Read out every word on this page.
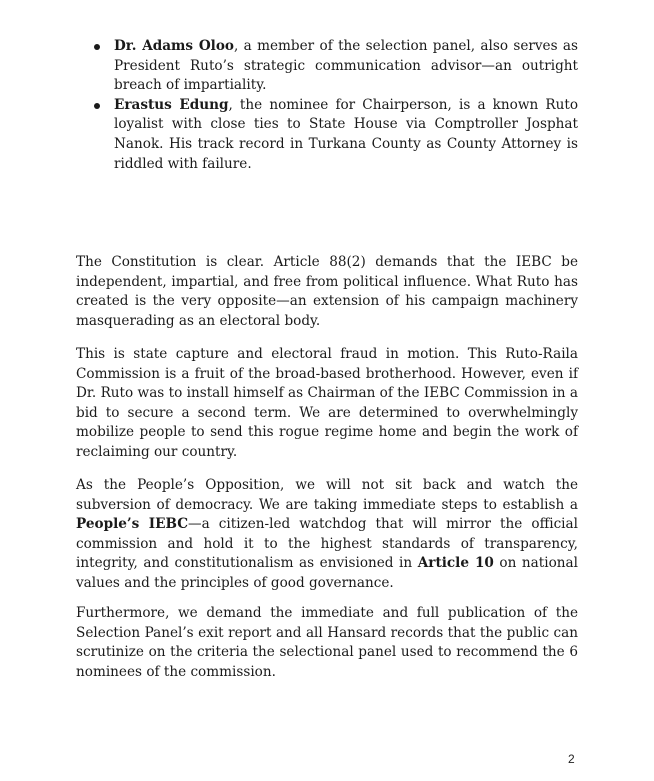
Dr. Adams Oloo, a member of the selection panel, also serves as President Ruto’s strategic communication advisor—an outright breach of impartiality.
Erastus Edung, the nominee for Chairperson, is a known Ruto loyalist with close ties to State House via Comptroller Josphat Nanok. His track record in Turkana County as County Attorney is riddled with failure.

The Constitution is clear. Article 88(2) demands that the IEBC be independent, impartial, and free from political influence. What Ruto has created is the very opposite—an extension of his campaign machinery masquerading as an electoral body.

This is state capture and electoral fraud in motion. This Ruto-Raila Commission is a fruit of the broad-based brotherhood. However, even if Dr. Ruto was to install himself as Chairman of the IEBC Commission in a bid to secure a second term. We are determined to overwhelmingly mobilize people to send this rogue regime home and begin the work of reclaiming our country.

As the People’s Opposition, we will not sit back and watch the subversion of democracy. We are taking immediate steps to establish a People’s IEBC—a citizen-led watchdog that will mirror the official commission and hold it to the highest standards of transparency, integrity, and constitutionalism as envisioned in Article 10 on national values and the principles of good governance.

Furthermore, we demand the immediate and full publication of the Selection Panel’s exit report and all Hansard records that the public can scrutinize on the criteria the selectional panel used to recommend the 6 nominees of the commission.

2
